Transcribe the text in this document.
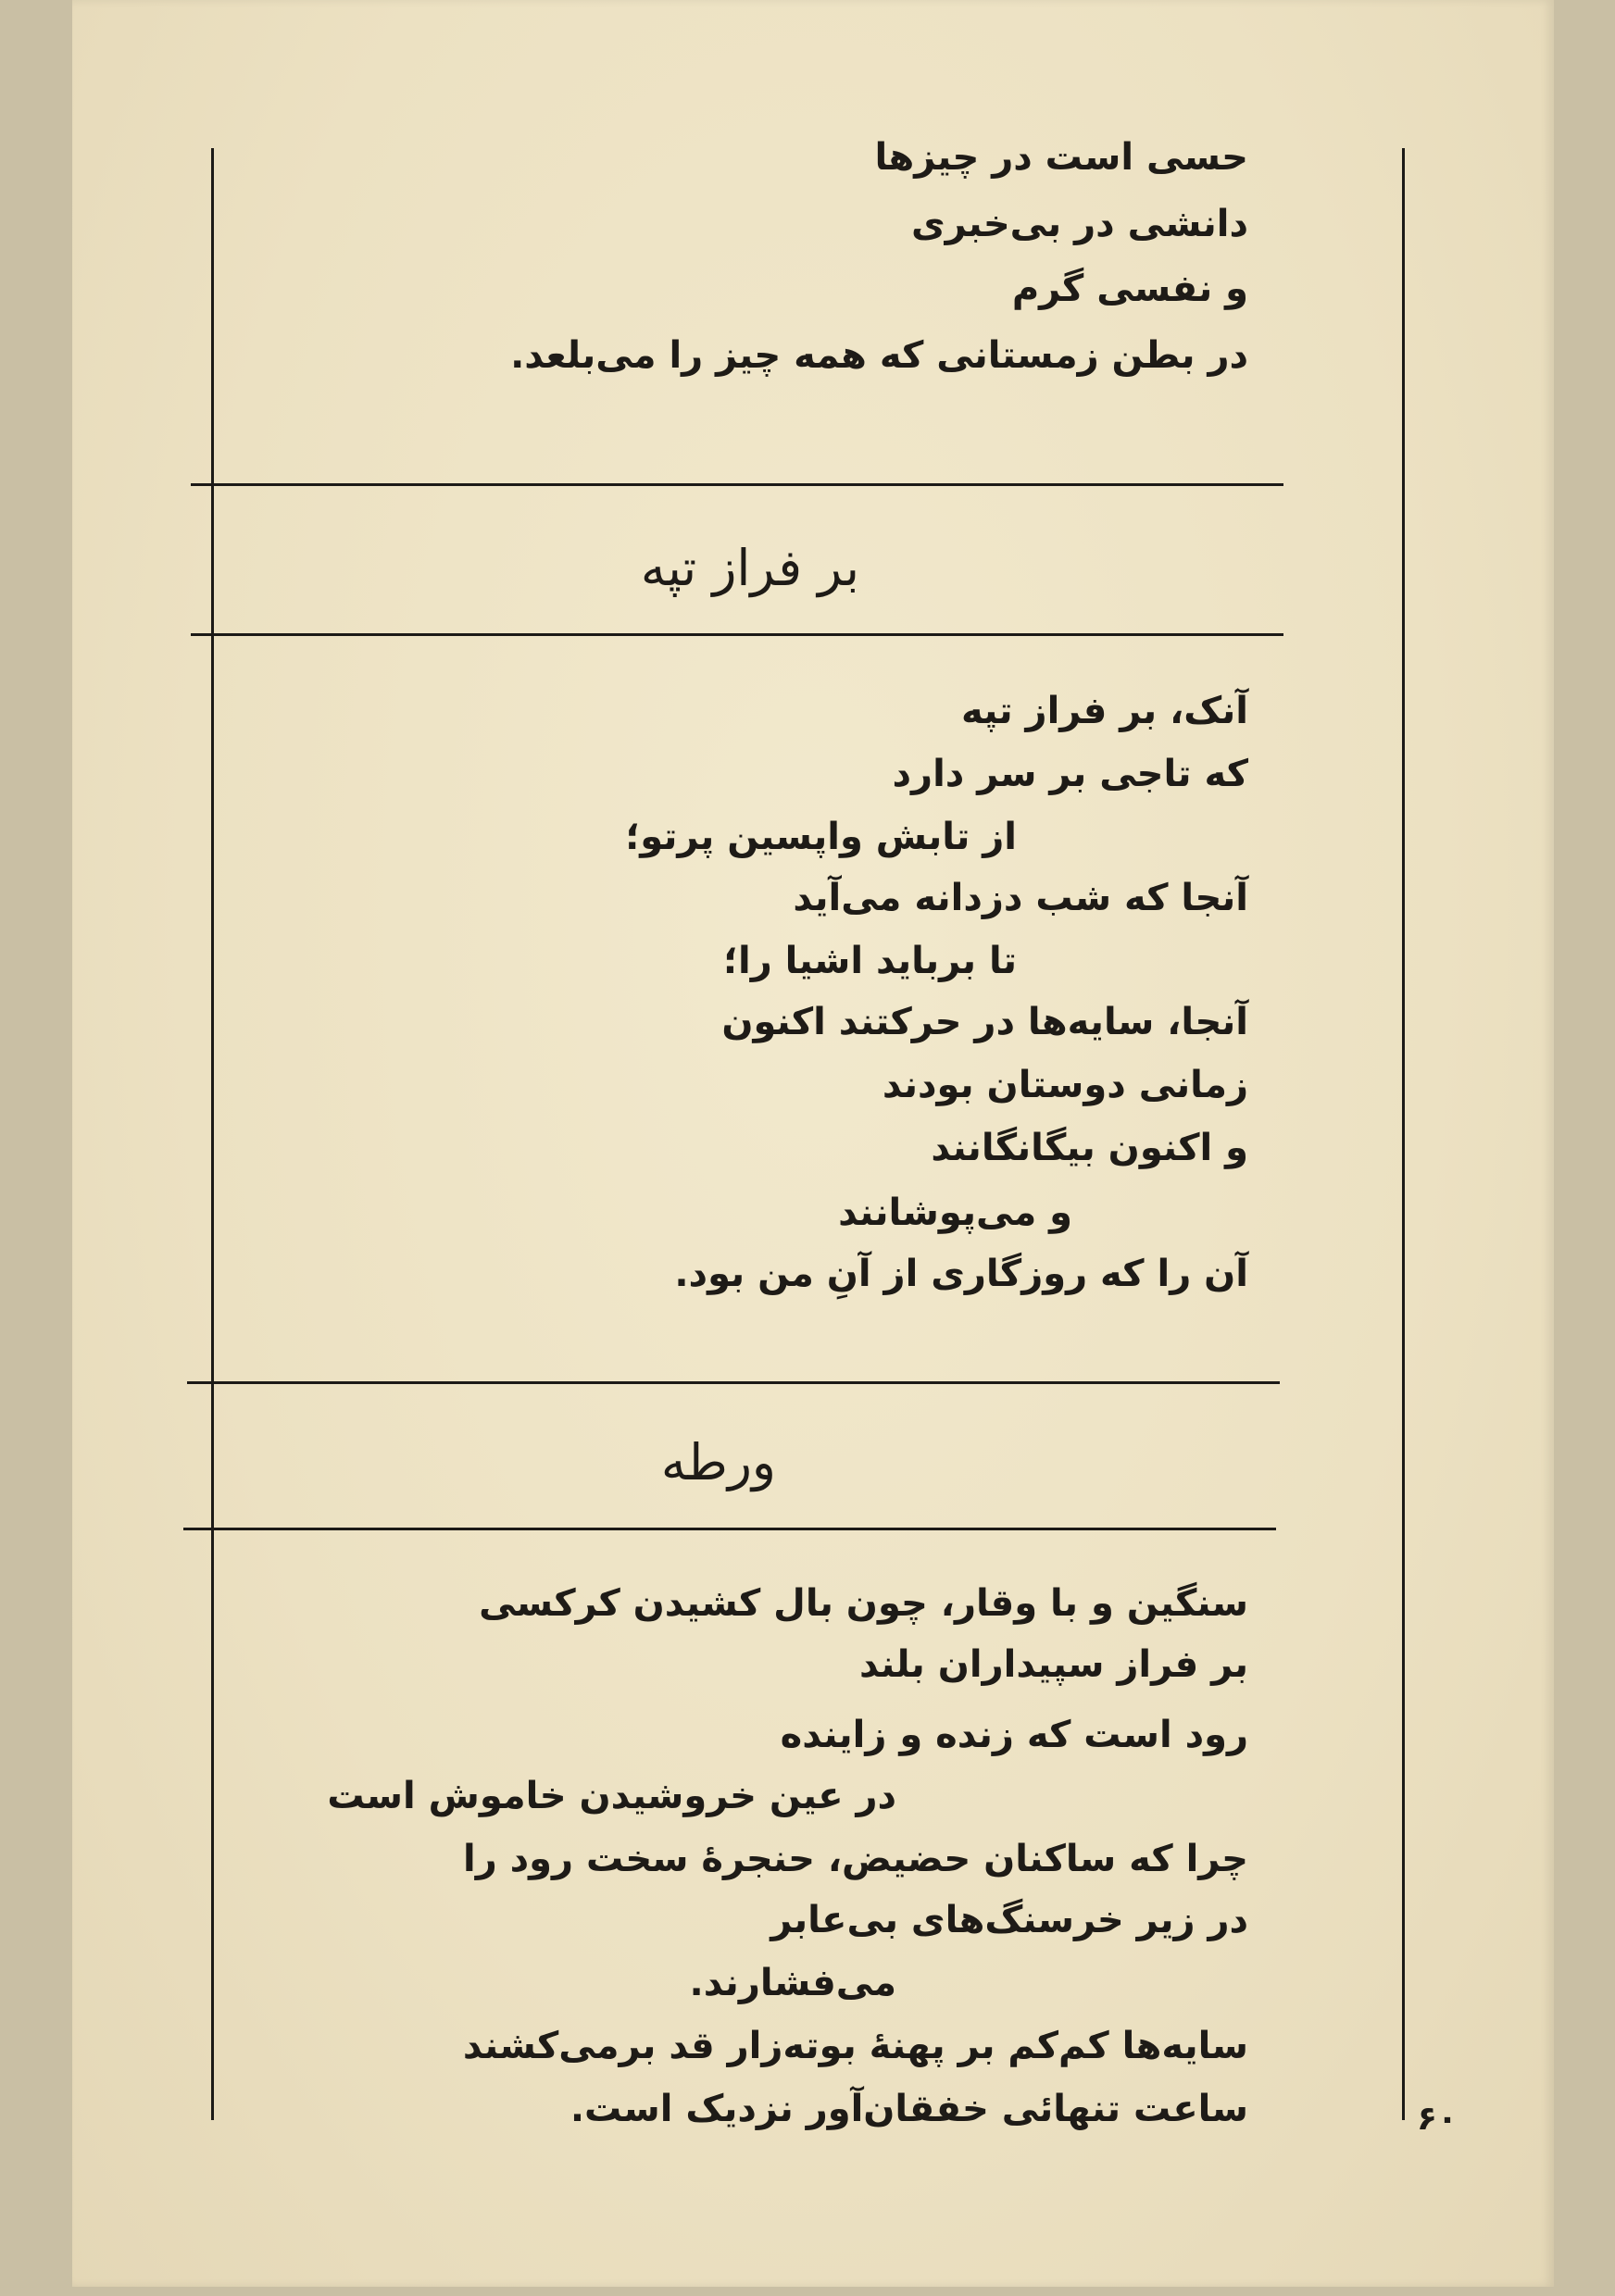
حسی است در چیزها
دانشی در بی‌خبری
و نفسی گرم
در بطن زمستانی که همه چیز را می‌بلعد.
بر فراز تپه
آنک، بر فراز تپه
که تاجی بر سر دارد
از تابش واپسین پرتو؛
آنجا که شب دزدانه می‌آید
تا برباید اشیا را؛
آنجا، سایه‌ها در حرکتند اکنون
زمانی دوستان بودند
و اکنون بیگانگانند
و می‌پوشانند
آن را که روزگاری از آنِ من بود.
ورطه
سنگین و با وقار، چون بال کشیدن کرکسی
بر فراز سپیداران بلند
رود است که زنده و زاینده
در عین خروشیدن خاموش است
چرا که ساکنان حضیض، حنجرهٔ سخت رود را
در زیر خرسنگ‌های بی‌عابر
می‌فشارند.
سایه‌ها کم‌کم بر پهنهٔ بوته‌زار قد برمی‌کشند
ساعت تنهائی خفقان‌آور نزدیک است.	۶۰
